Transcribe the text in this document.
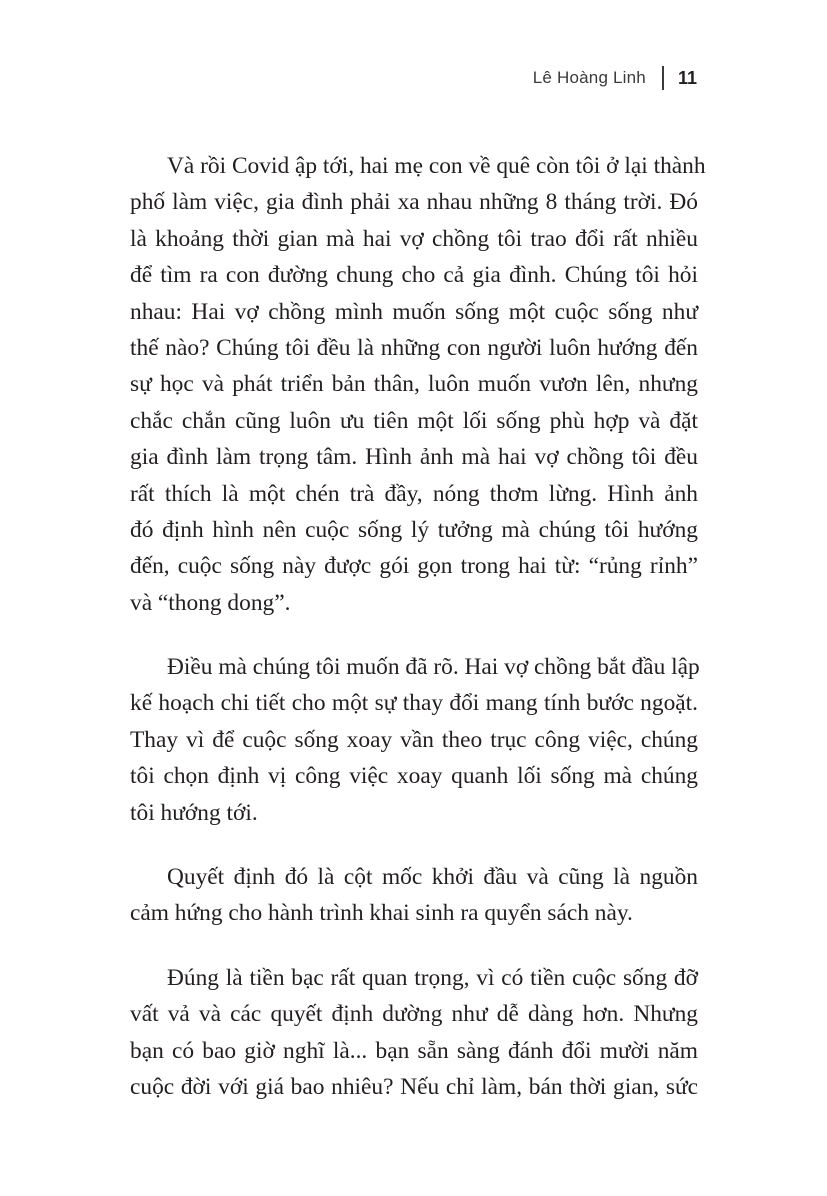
Lê Hoàng Linh 11
Và rồi Covid ập tới, hai mẹ con về quê còn tôi ở lại thành
phố làm việc, gia đình phải xa nhau những 8 tháng trời. Đó
là khoảng thời gian mà hai vợ chồng tôi trao đổi rất nhiều
để tìm ra con đường chung cho cả gia đình. Chúng tôi hỏi
nhau: Hai vợ chồng mình muốn sống một cuộc sống như
thế nào? Chúng tôi đều là những con người luôn hướng đến
sự học và phát triển bản thân, luôn muốn vươn lên, nhưng
chắc chắn cũng luôn ưu tiên một lối sống phù hợp và đặt
gia đình làm trọng tâm. Hình ảnh mà hai vợ chồng tôi đều
rất thích là một chén trà đầy, nóng thơm lừng. Hình ảnh
đó định hình nên cuộc sống lý tưởng mà chúng tôi hướng
đến, cuộc sống này được gói gọn trong hai từ: “rủng rỉnh”
và “thong dong”.
Điều mà chúng tôi muốn đã rõ. Hai vợ chồng bắt đầu lập
kế hoạch chi tiết cho một sự thay đổi mang tính bước ngoặt.
Thay vì để cuộc sống xoay vần theo trục công việc, chúng
tôi chọn định vị công việc xoay quanh lối sống mà chúng
tôi hướng tới.
Quyết định đó là cột mốc khởi đầu và cũng là nguồn
cảm hứng cho hành trình khai sinh ra quyển sách này.
Đúng là tiền bạc rất quan trọng, vì có tiền cuộc sống đỡ
vất vả và các quyết định dường như dễ dàng hơn. Nhưng
bạn có bao giờ nghĩ là... bạn sẵn sàng đánh đổi mười năm
cuộc đời với giá bao nhiêu? Nếu chỉ làm, bán thời gian, sức
